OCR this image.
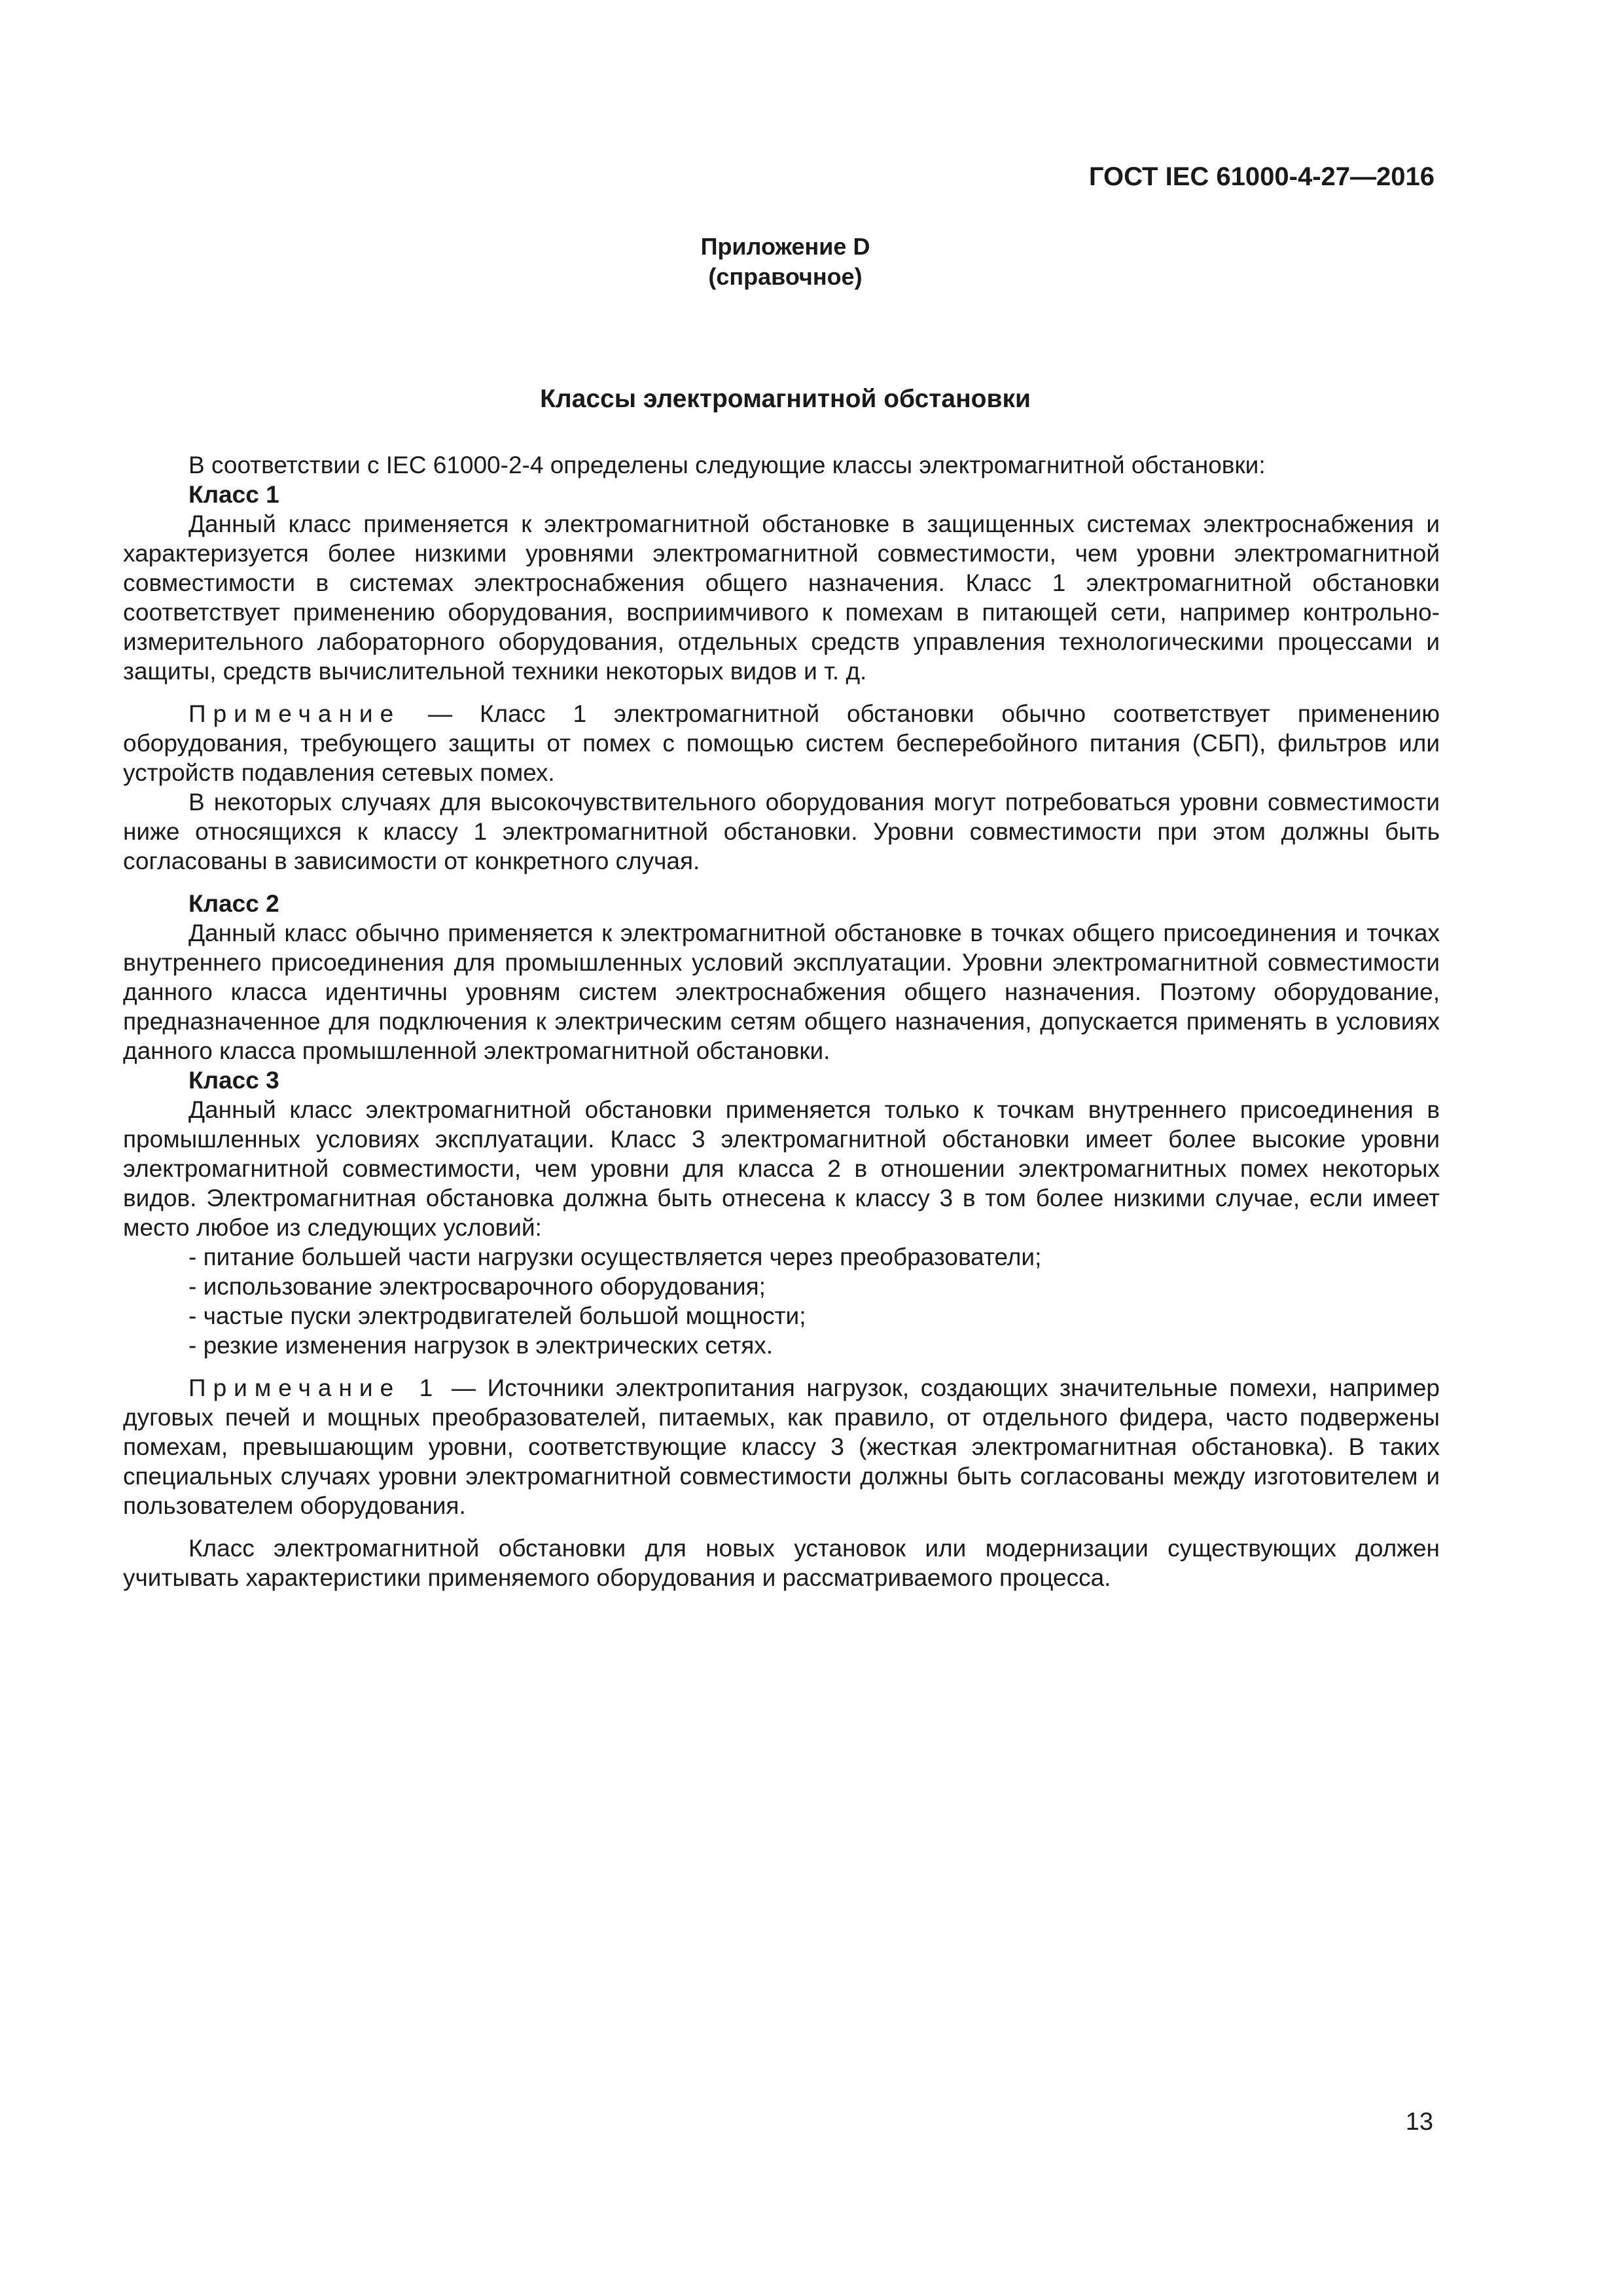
ГОСТ IEC 61000-4-27—2016
Приложение D
(справочное)
Классы электромагнитной обстановки

В соответствии с IEC 61000-2-4 определены следующие классы электромагнитной обстановки:

Класс 1

Данный класс применяется к электромагнитной обстановке в защищенных системах электроснабжения и характеризуется более низкими уровнями электромагнитной совместимости, чем уровни электромагнитной совместимости в системах электроснабжения общего назначения. Класс 1 электромагнитной обстановки соответствует применению оборудования, восприимчивого к помехам в питающей сети, например контрольно-измерительного лабораторного оборудования, отдельных средств управления технологическими процессами и защиты, средств вычислительной техники некоторых видов и т. д.

Примечание — Класс 1 электромагнитной обстановки обычно соответствует применению оборудования, требующего защиты от помех с помощью систем бесперебойного питания (СБП), фильтров или устройств подавления сетевых помех.

В некоторых случаях для высокочувствительного оборудования могут потребоваться уровни совместимости ниже относящихся к классу 1 электромагнитной обстановки. Уровни совместимости при этом должны быть согласованы в зависимости от конкретного случая.

Класс 2

Данный класс обычно применяется к электромагнитной обстановке в точках общего присоединения и точках внутреннего присоединения для промышленных условий эксплуатации. Уровни электромагнитной совместимости данного класса идентичны уровням систем электроснабжения общего назначения. Поэтому оборудование, предназначенное для подключения к электрическим сетям общего назначения, допускается применять в условиях данного класса промышленной электромагнитной обстановки.

Класс 3

Данный класс электромагнитной обстановки применяется только к точкам внутреннего присоединения в промышленных условиях эксплуатации. Класс 3 электромагнитной обстановки имеет более высокие уровни электромагнитной совместимости, чем уровни для класса 2 в отношении электромагнитных помех некоторых видов. Электромагнитная обстановка должна быть отнесена к классу 3 в том более низкими случае, если имеет место любое из следующих условий:

- питание большей части нагрузки осуществляется через преобразователи;

- использование электросварочного оборудования;

- частые пуски электродвигателей большой мощности;

- резкие изменения нагрузок в электрических сетях.

Примечание 1 — Источники электропитания нагрузок, создающих значительные помехи, например дуговых печей и мощных преобразователей, питаемых, как правило, от отдельного фидера, часто подвержены помехам, превышающим уровни, соответствующие классу 3 (жесткая электромагнитная обстановка). В таких специальных случаях уровни электромагнитной совместимости должны быть согласованы между изготовителем и пользователем оборудования.

Класс электромагнитной обстановки для новых установок или модернизации существующих должен учитывать характеристики применяемого оборудования и рассматриваемого процесса.

13
